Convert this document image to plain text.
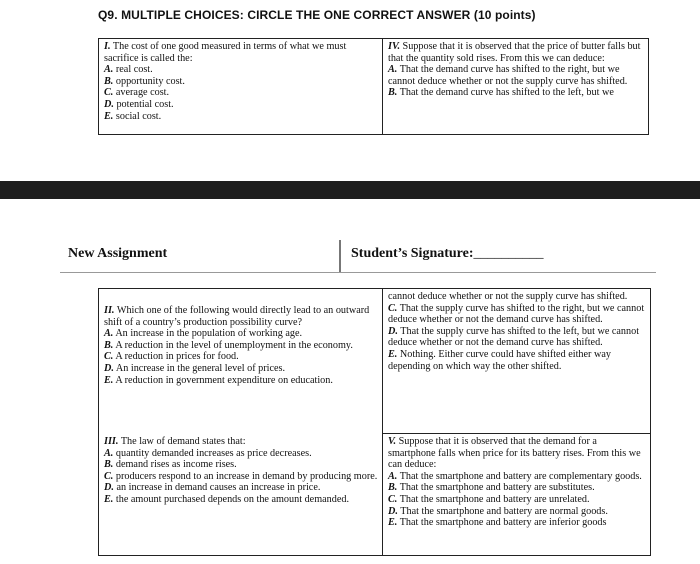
Q9. MULTIPLE CHOICES: CIRCLE THE ONE CORRECT ANSWER (10 points)

I. The cost of one good measured in terms of what we must sacrifice is called the:

A. real cost.

B. opportunity cost.

C. average cost.

D. potential cost.

E. social cost.

IV. Suppose that it is observed that the price of butter falls but that the quantity sold rises. From this we can deduce:

A. That the demand curve has shifted to the right, but we cannot deduce whether or not the supply curve has shifted.

B. That the demand curve has shifted to the left, but we

New Assignment	Student’s Signature:__________

II. Which one of the following would directly lead to an outward shift of a country’s production possibility curve?

A. An increase in the population of working age.

B. A reduction in the level of unemployment in the economy.

C. A reduction in prices for food.

D. An increase in the general level of prices.

E. A reduction in government expenditure on education.

III. The law of demand states that:

A. quantity demanded increases as price decreases.

B. demand rises as income rises.

C. producers respond to an increase in demand by producing more.

D. an increase in demand causes an increase in price.

E. the amount purchased depends on the amount demanded.

cannot deduce whether or not the supply curve has shifted.

C. That the supply curve has shifted to the right, but we cannot deduce whether or not the demand curve has shifted.

D. That the supply curve has shifted to the left, but we cannot deduce whether or not the demand curve has shifted.

E. Nothing. Either curve could have shifted either way depending on which way the other shifted.

V. Suppose that it is observed that the demand for a smartphone falls when price for its battery rises. From this we can deduce:

A. That the smartphone and battery are complementary goods.

B. That the smartphone and battery are substitutes.

C. That the smartphone and battery are unrelated.

D. That the smartphone and battery are normal goods.

E. That the smartphone and battery are inferior goods
